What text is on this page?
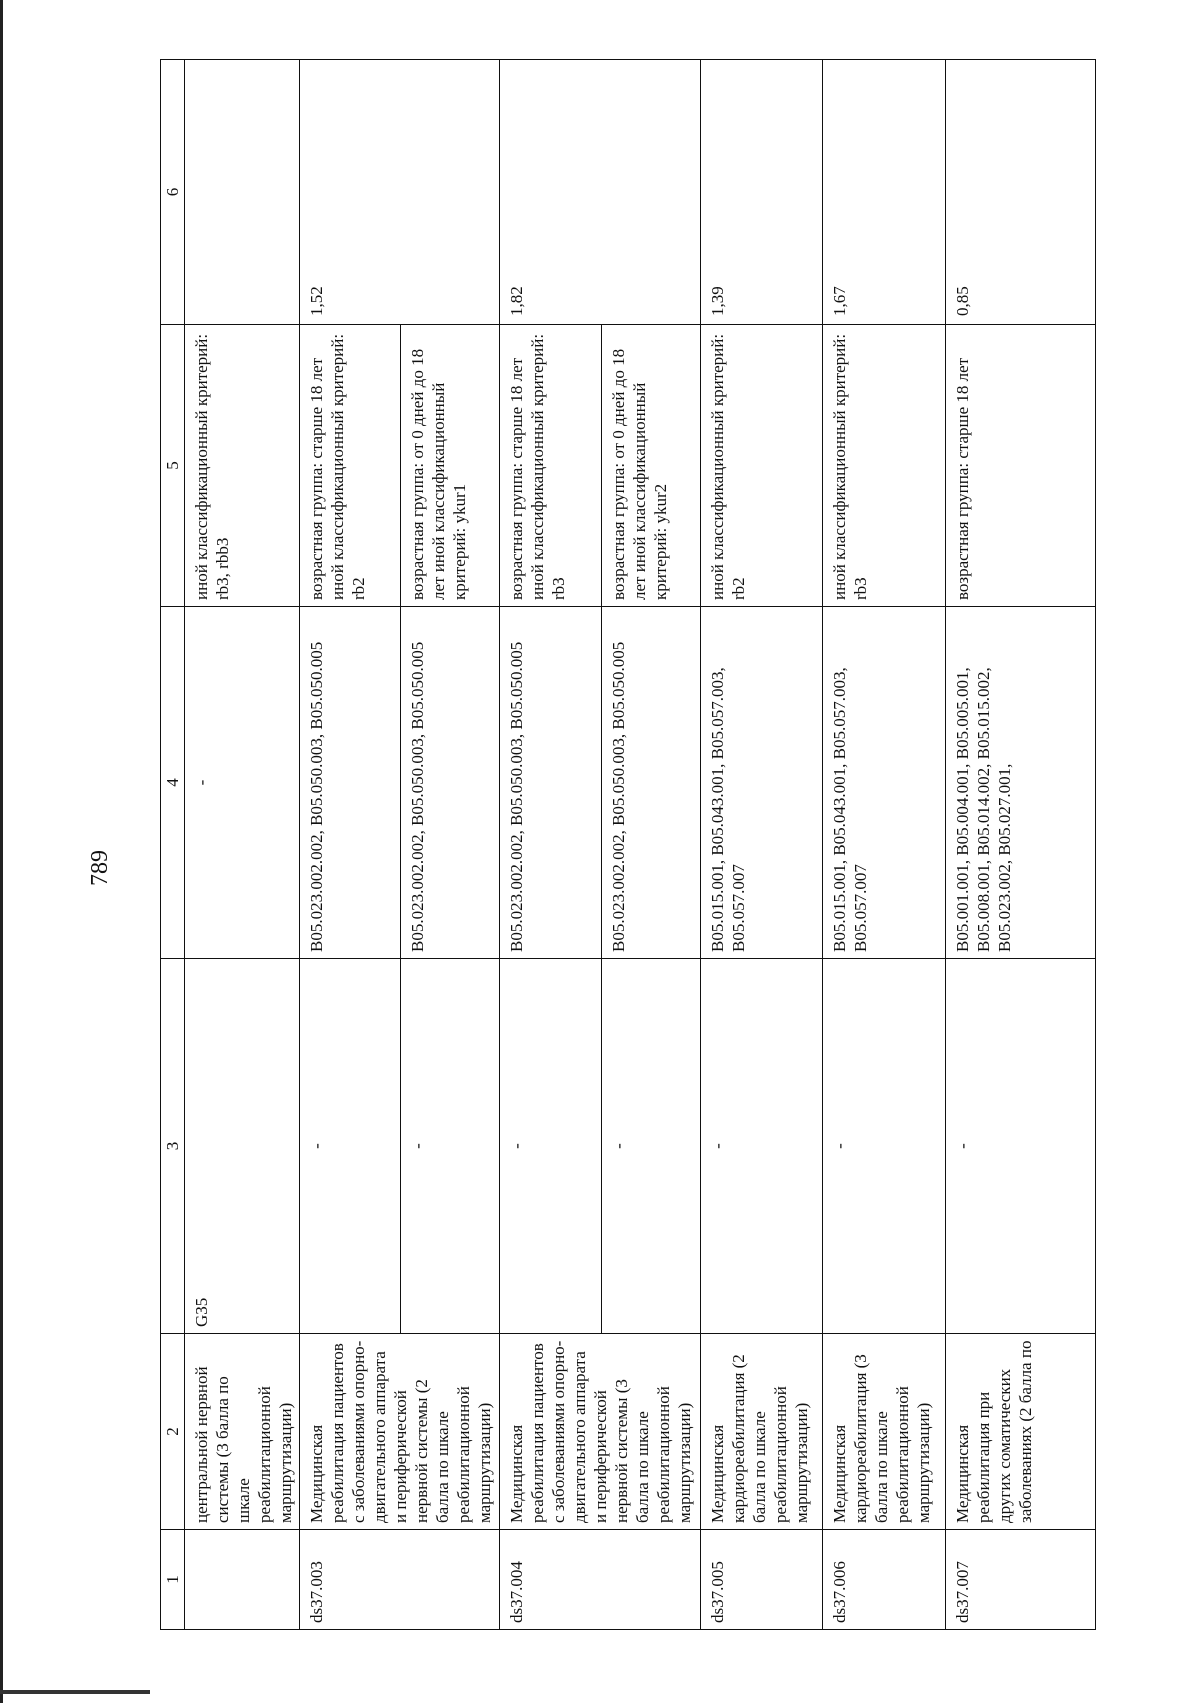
789
1	2	3	4	5	6
	центральной нервной системы (3 балла по шкале реабилитационной маршрутизации)	G35	-	иной классификационный критерий: rb3, rbb3	
ds37.003	Медицинская реабилитация пациентов с заболеваниями опорно-двигательного аппарата и периферической нервной системы (2 балла по шкале реабилитационной маршрутизации)	-	B05.023.002.002, B05.050.003, B05.050.005	возрастная группа: старше 18 лет иной классификационный критерий: rb2	1,52
		-	B05.023.002.002, B05.050.003, B05.050.005	возрастная группа: от 0 дней до 18 лет иной классификационный критерий: ykur1	
ds37.004	Медицинская реабилитация пациентов с заболеваниями опорно-двигательного аппарата и периферической нервной системы (3 балла по шкале реабилитационной маршрутизации)	-	B05.023.002.002, B05.050.003, B05.050.005	возрастная группа: старше 18 лет иной классификационный критерий: rb3	1,82
		-	B05.023.002.002, B05.050.003, B05.050.005	возрастная группа: от 0 дней до 18 лет иной классификационный критерий: ykur2	
ds37.005	Медицинская кардиореабилитация (2 балла по шкале реабилитационной маршрутизации)	-	B05.015.001, B05.043.001, B05.057.003, B05.057.007	иной классификационный критерий: rb2	1,39
ds37.006	Медицинская кардиореабилитация (3 балла по шкале реабилитационной маршрутизации)	-	B05.015.001, B05.043.001, B05.057.003, B05.057.007	иной классификационный критерий: rb3	1,67
ds37.007	Медицинская реабилитация при других соматических заболеваниях (2 балла по	-	B05.001.001, B05.004.001, B05.005.001, B05.008.001, B05.014.002, B05.015.002, B05.023.002, B05.027.001,	возрастная группа: старше 18 лет	0,85
